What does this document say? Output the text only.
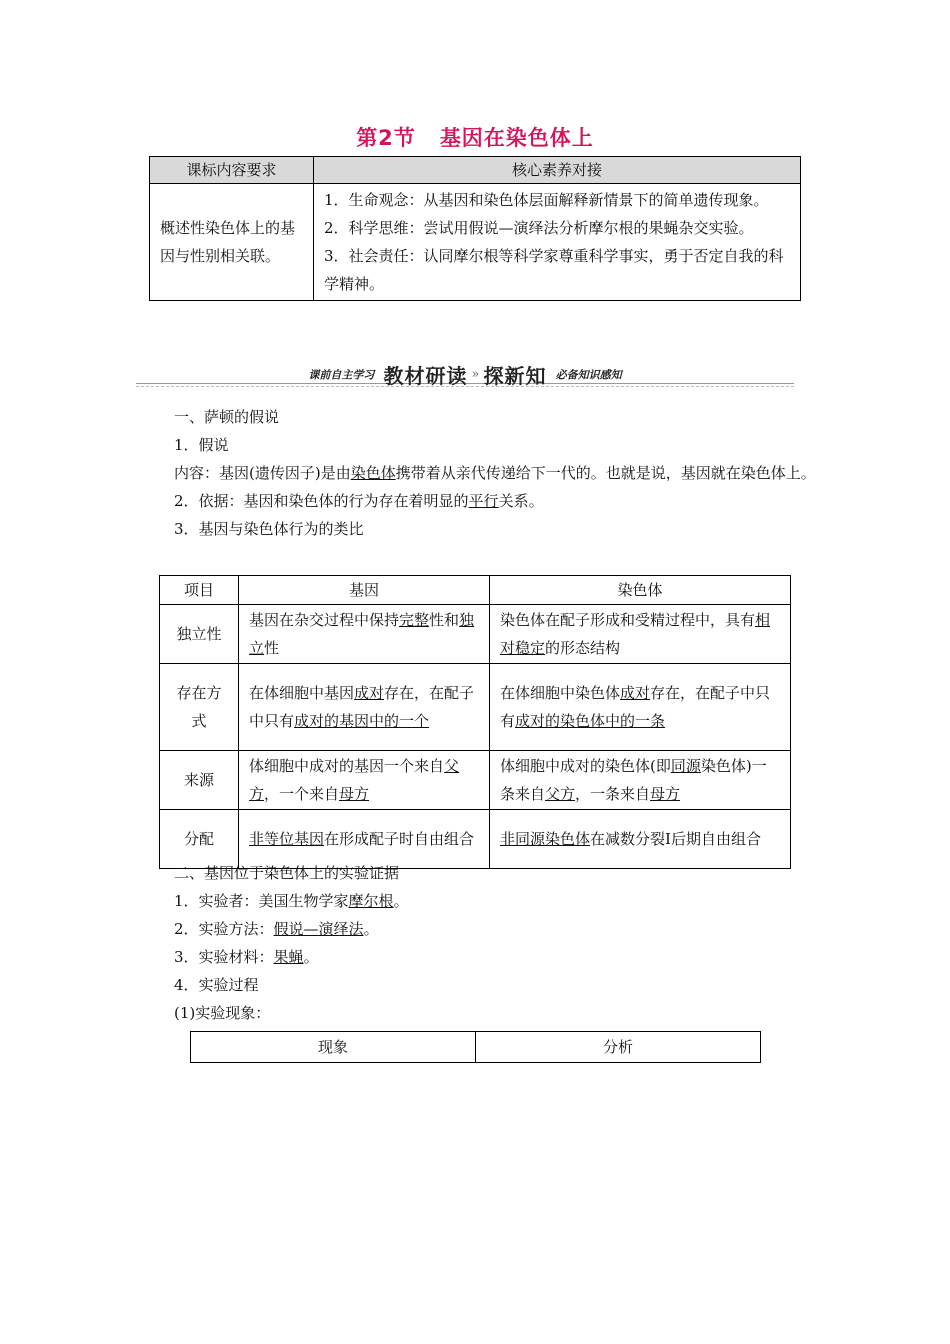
第2节 基因在染色体上
课标内容要求	核心素养对接
概述性染色体上的基因与性别相关联。	1．生命观念：从基因和染色体层面解释新情景下的简单遗传现象。
2．科学思维：尝试用假说—演绎法分析摩尔根的果蝇杂交实验。
3．社会责任：认同摩尔根等科学家尊重科学事实，勇于否定自我的科学精神。
课前自主学习 教材研读 » 探新知 必备知识感知

一、萨顿的假说

1．假说

内容：基因(遗传因子)是由染色体携带着从亲代传递给下一代的。也就是说，基因就在染色体上。

2．依据：基因和染色体的行为存在着明显的平行关系。

3．基因与染色体行为的类比

项目	基因	染色体
独立性	基因在杂交过程中保持完整性和独立性	染色体在配子形成和受精过程中，具有相对稳定的形态结构
存在方式	在体细胞中基因成对存在，在配子中只有成对的基因中的一个	在体细胞中染色体成对存在，在配子中只有成对的染色体中的一条
来源	体细胞中成对的基因一个来自父方，一个来自母方	体细胞中成对的染色体(即同源染色体)一条来自父方，一条来自母方
分配	非等位基因在形成配子时自由组合	非同源染色体在减数分裂Ⅰ后期自由组合

二、基因位于染色体上的实验证据

1．实验者：美国生物学家摩尔根。

2．实验方法：假说—演绎法。

3．实验材料：果蝇。

4．实验过程

(1)实验现象：

现象	分析
